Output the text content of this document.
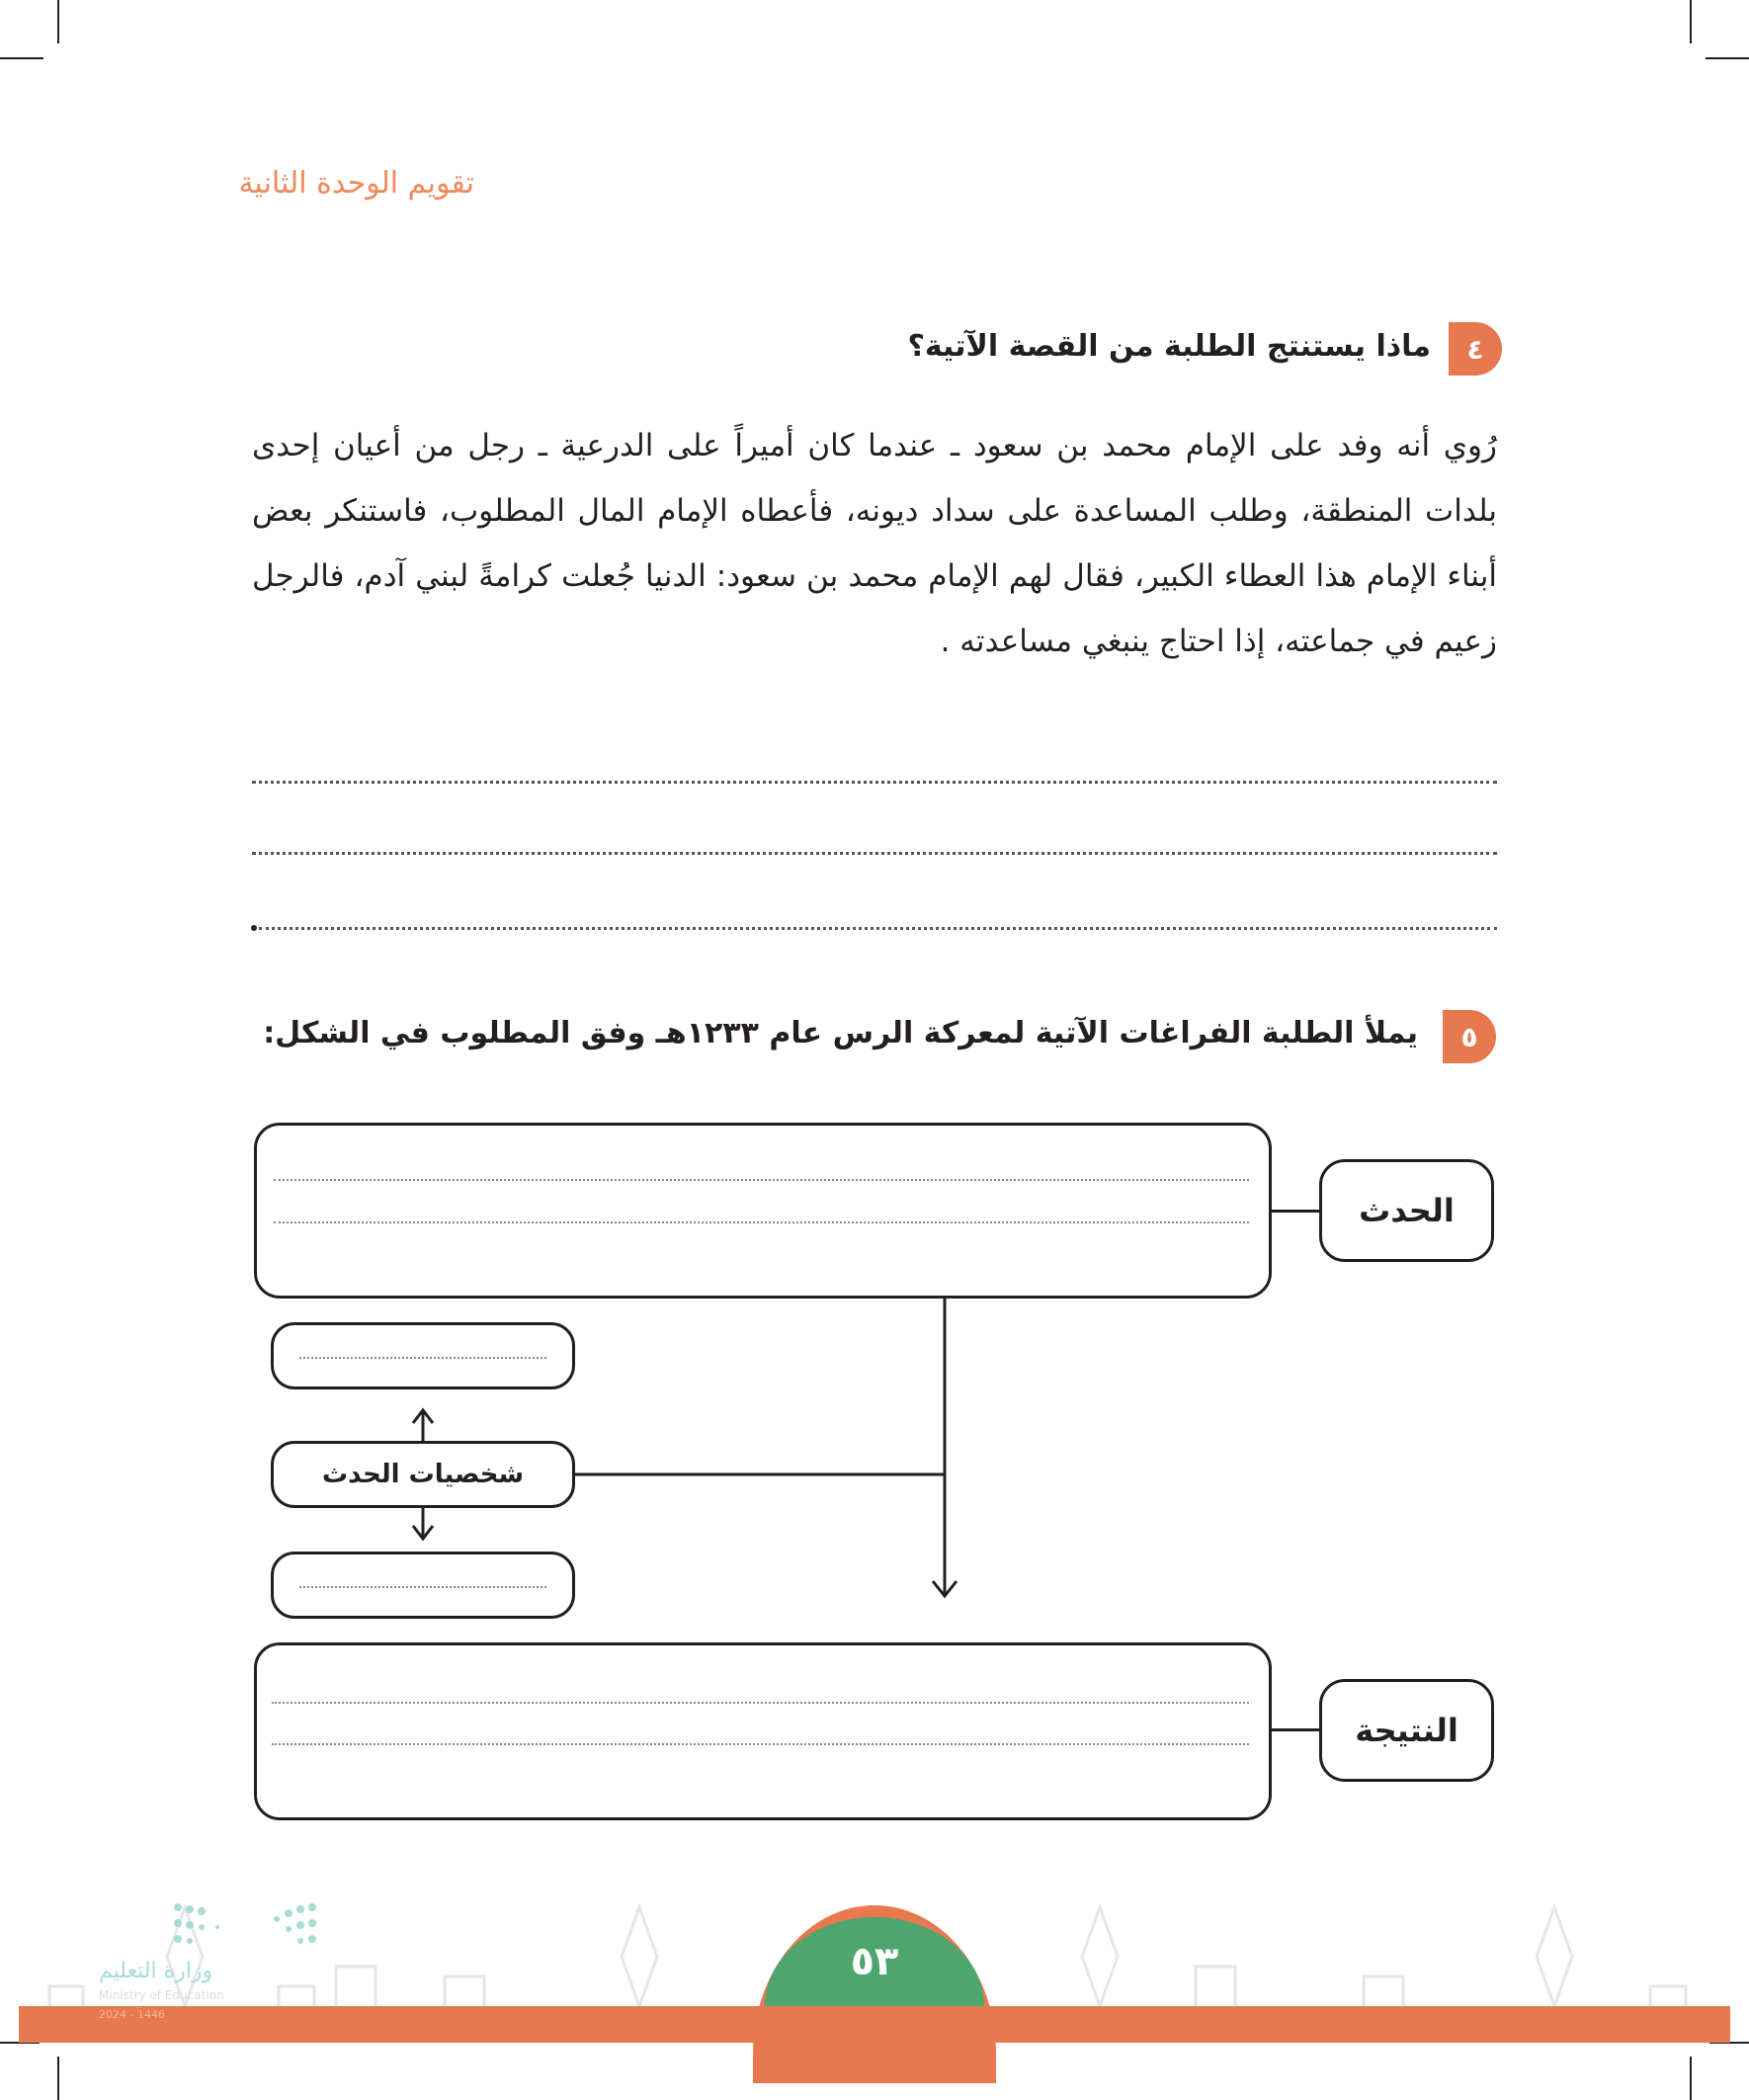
تقويم الوحدة الثانية
٤
ماذا يستنتج الطلبة من القصة الآتية؟
رُوي أنه وفد على الإمام محمد بن سعود ـ عندما كان أميراً على الدرعية ـ رجل من أعيان إحدى بلدات المنطقة، وطلب المساعدة على سداد ديونه، فأعطاه الإمام المال المطلوب، فاستنكر بعض أبناء الإمام هذا العطاء الكبير، فقال لهم الإمام محمد بن سعود: الدنيا جُعلت كرامةً لبني آدم، فالرجل زعيم في جماعته، إذا احتاج ينبغي مساعدته .
٥
يملأ الطلبة الفراغات الآتية لمعركة الرس عام ١٢٣٣هـ وفق المطلوب في الشكل:
الحدث
شخصيات الحدث
النتيجة
٥٣
وزارة التعليم
Ministry of Education
2024 - 1446
